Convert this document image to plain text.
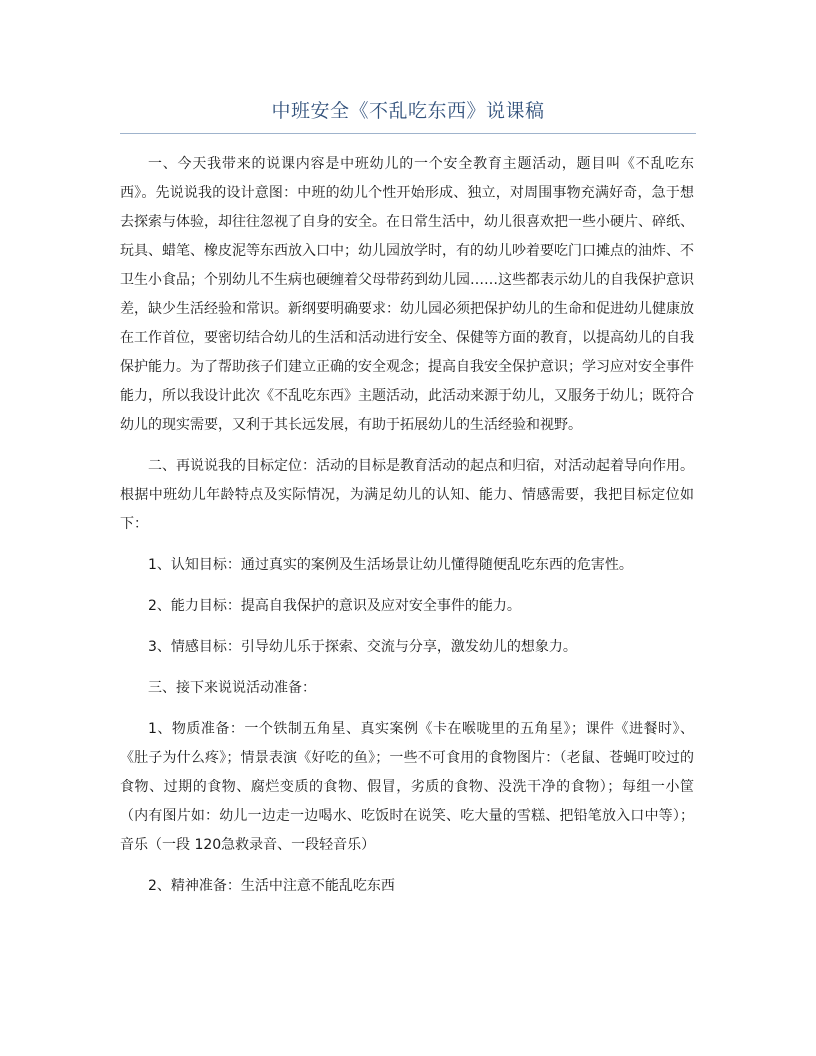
中班安全《不乱吃东西》说课稿

一、今天我带来的说课内容是中班幼儿的一个安全教育主题活动，题目叫《不乱吃东西》。先说说我的设计意图：中班的幼儿个性开始形成、独立，对周围事物充满好奇，急于想去探索与体验，却往往忽视了自身的安全。在日常生活中，幼儿很喜欢把一些小硬片、碎纸、玩具、蜡笔、橡皮泥等东西放入口中；幼儿园放学时，有的幼儿吵着要吃门口摊点的油炸、不卫生小食品；个别幼儿不生病也硬缠着父母带药到幼儿园……这些都表示幼儿的自我保护意识差，缺少生活经验和常识。新纲要明确要求：幼儿园必须把保护幼儿的生命和促进幼儿健康放在工作首位，要密切结合幼儿的生活和活动进行安全、保健等方面的教育，以提高幼儿的自我保护能力。为了帮助孩子们建立正确的安全观念；提高自我安全保护意识；学习应对安全事件能力，所以我设计此次《不乱吃东西》主题活动，此活动来源于幼儿，又服务于幼儿；既符合幼儿的现实需要，又利于其长远发展，有助于拓展幼儿的生活经验和视野。

二、再说说我的目标定位：活动的目标是教育活动的起点和归宿，对活动起着导向作用。根据中班幼儿年龄特点及实际情况，为满足幼儿的认知、能力、情感需要，我把目标定位如下：

1、认知目标：通过真实的案例及生活场景让幼儿懂得随便乱吃东西的危害性。

2、能力目标：提高自我保护的意识及应对安全事件的能力。

3、情感目标：引导幼儿乐于探索、交流与分享，激发幼儿的想象力。

三、接下来说说活动准备：

1、物质准备：一个铁制五角星、真实案例《卡在喉咙里的五角星》；课件《进餐时》、《肚子为什么疼》；情景表演《好吃的鱼》；一些不可食用的食物图片：（老鼠、苍蝇叮咬过的食物、过期的食物、腐烂变质的食物、假冒，劣质的食物、没洗干净的食物）；每组一小筐（内有图片如：幼儿一边走一边喝水、吃饭时在说笑、吃大量的雪糕、把铅笔放入口中等）；音乐（一段 120急救录音、一段轻音乐）

2、精神准备：生活中注意不能乱吃东西
